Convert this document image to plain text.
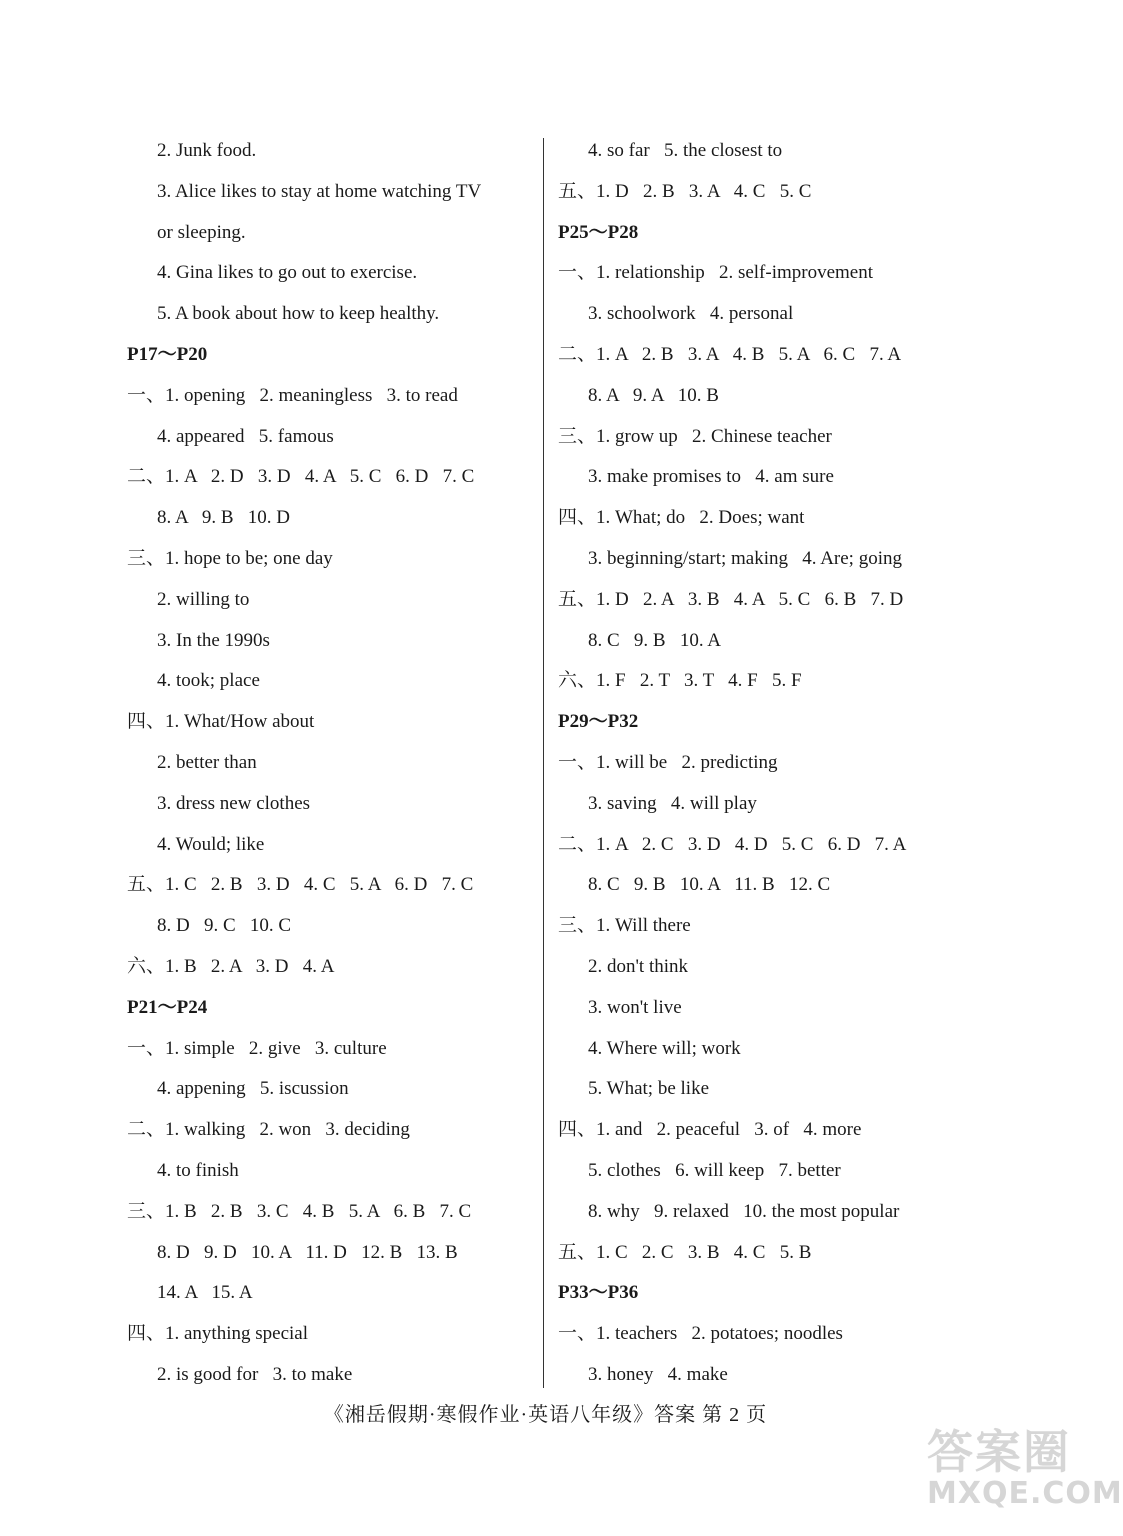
2. Junk food.
3. Alice likes to stay at home watching TV
or sleeping.
4. Gina likes to go out to exercise.
5. A book about how to keep healthy.
P17～P20
一、1. opening   2. meaningless   3. to read
4. appeared   5. famous
二、1. A   2. D   3. D   4. A   5. C   6. D   7. C
8. A   9. B   10. D
三、1. hope to be; one day
2. willing to
3. In the 1990s
4. took; place
四、1. What/How about
2. better than
3. dress new clothes
4. Would; like
五、1. C   2. B   3. D   4. C   5. A   6. D   7. C
8. D   9. C   10. C
六、1. B   2. A   3. D   4. A
P21～P24
一、1. simple   2. give   3. culture
4. appening   5. iscussion
二、1. walking   2. won   3. deciding
4. to finish
三、1. B   2. B   3. C   4. B   5. A   6. B   7. C
8. D   9. D   10. A   11. D   12. B   13. B
14. A   15. A
四、1. anything special
2. is good for   3. to make
4. so far   5. the closest to
五、1. D   2. B   3. A   4. C   5. C
P25～P28
一、1. relationship   2. self-improvement
3. schoolwork   4. personal
二、1. A   2. B   3. A   4. B   5. A   6. C   7. A
8. A   9. A   10. B
三、1. grow up   2. Chinese teacher
3. make promises to   4. am sure
四、1. What; do   2. Does; want
3. beginning/start; making   4. Are; going
五、1. D   2. A   3. B   4. A   5. C   6. B   7. D
8. C   9. B   10. A
六、1. F   2. T   3. T   4. F   5. F
P29～P32
一、1. will be   2. predicting
3. saving   4. will play
二、1. A   2. C   3. D   4. D   5. C   6. D   7. A
8. C   9. B   10. A   11. B   12. C
三、1. Will there
2. don't think
3. won't live
4. Where will; work
5. What; be like
四、1. and   2. peaceful   3. of   4. more
5. clothes   6. will keep   7. better
8. why   9. relaxed   10. the most popular
五、1. C   2. C   3. B   4. C   5. B
P33～P36
一、1. teachers   2. potatoes; noodles
3. honey   4. make
《湘岳假期·寒假作业·英语八年级》答案 第 2 页
答案圈
MXQE.COM
